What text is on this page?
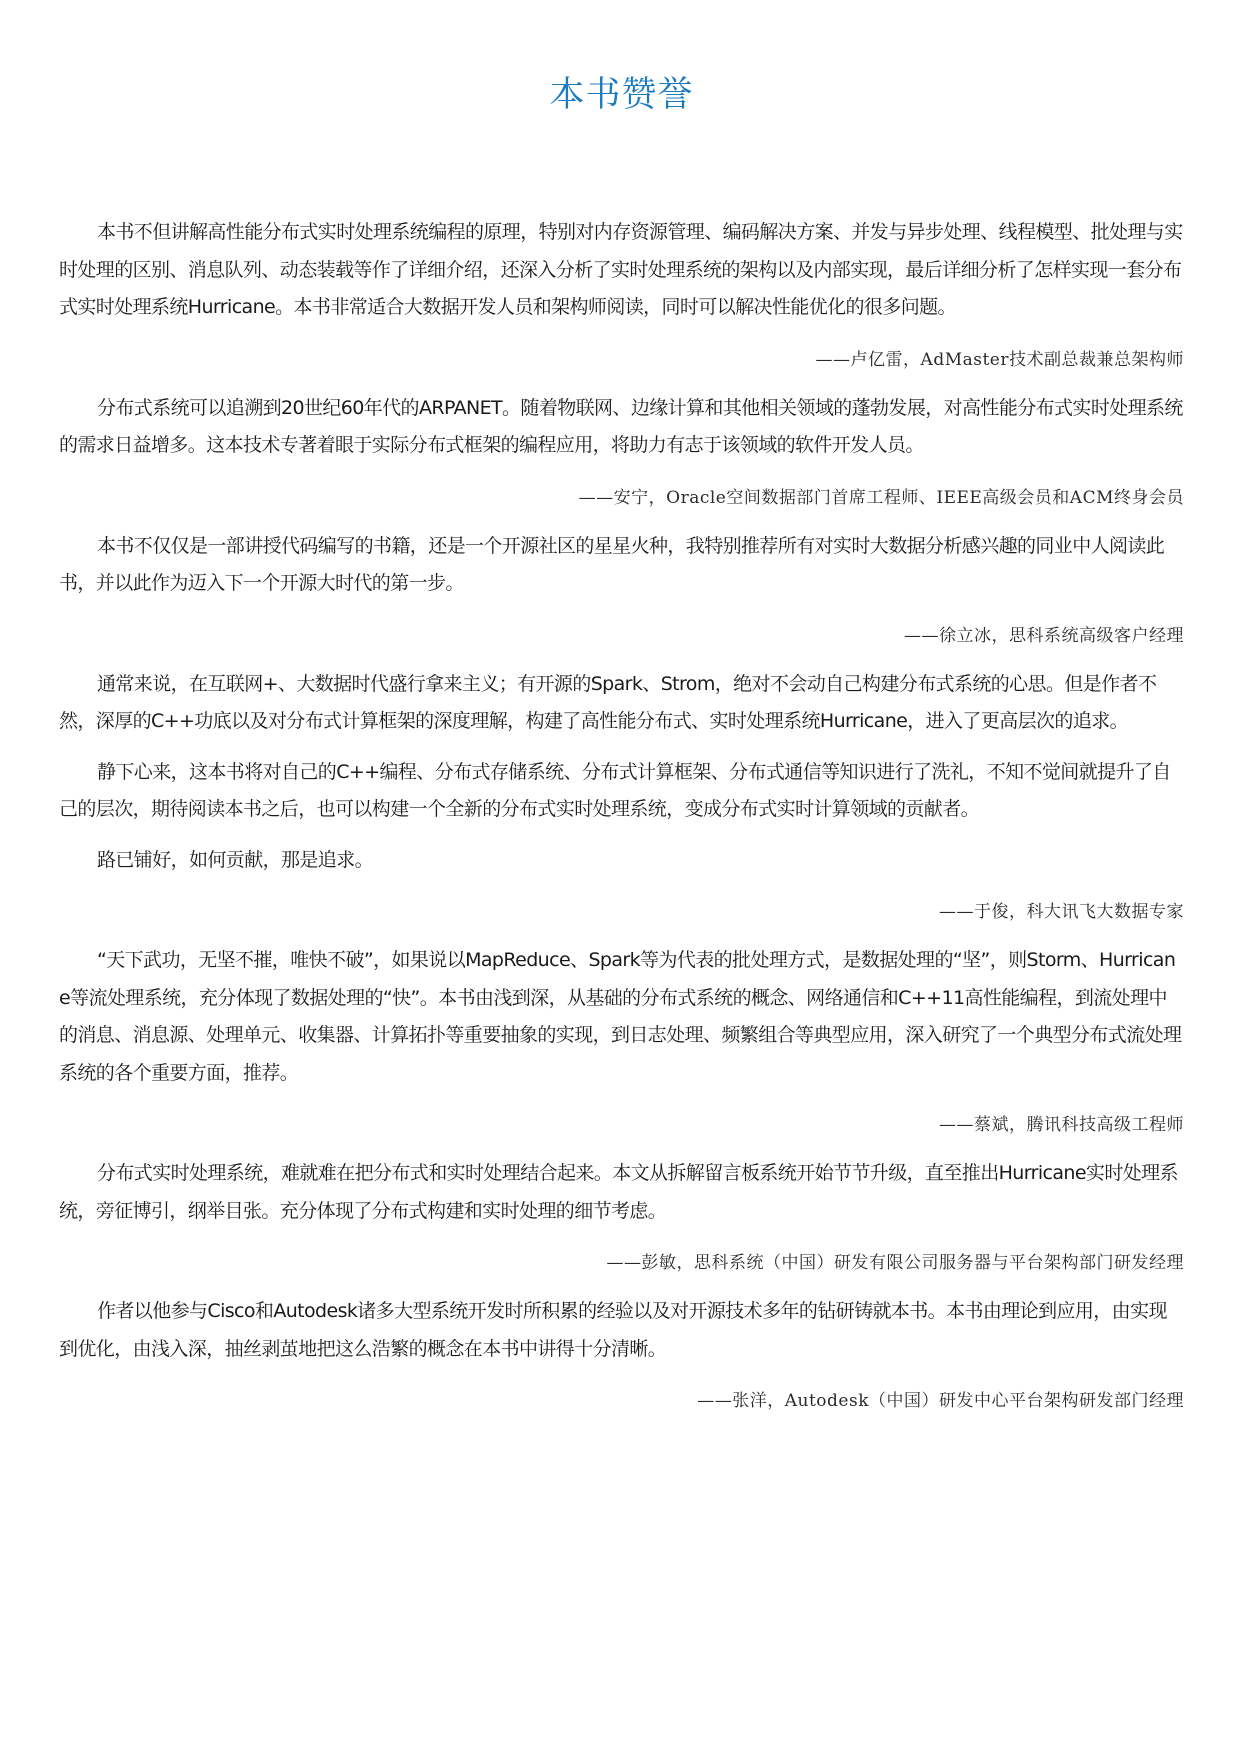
本书赞誉

本书不但讲解高性能分布式实时处理系统编程的原理，特别对内存资源管理、编码解决方案、并发与异步处理、线程模型、批处理与实时处理的区别、消息队列、动态装载等作了详细介绍，还深入分析了实时处理系统的架构以及内部实现，最后详细分析了怎样实现一套分布式实时处理系统Hurricane。本书非常适合大数据开发人员和架构师阅读，同时可以解决性能优化的很多问题。

——卢亿雷，AdMaster技术副总裁兼总架构师

分布式系统可以追溯到20世纪60年代的ARPANET。随着物联网、边缘计算和其他相关领域的蓬勃发展，对高性能分布式实时处理系统的需求日益增多。这本技术专著着眼于实际分布式框架的编程应用，将助力有志于该领域的软件开发人员。

——安宁，Oracle空间数据部门首席工程师、IEEE高级会员和ACM终身会员

本书不仅仅是一部讲授代码编写的书籍，还是一个开源社区的星星火种，我特别推荐所有对实时大数据分析感兴趣的同业中人阅读此书，并以此作为迈入下一个开源大时代的第一步。

——徐立冰，思科系统高级客户经理

通常来说，在互联网+、大数据时代盛行拿来主义；有开源的Spark、Strom，绝对不会动自己构建分布式系统的心思。但是作者不然，深厚的C++功底以及对分布式计算框架的深度理解，构建了高性能分布式、实时处理系统Hurricane，进入了更高层次的追求。

静下心来，这本书将对自己的C++编程、分布式存储系统、分布式计算框架、分布式通信等知识进行了洗礼，不知不觉间就提升了自己的层次，期待阅读本书之后，也可以构建一个全新的分布式实时处理系统，变成分布式实时计算领域的贡献者。

路已铺好，如何贡献，那是追求。

——于俊，科大讯飞大数据专家

“天下武功，无坚不摧，唯快不破”，如果说以MapReduce、Spark等为代表的批处理方式，是数据处理的“坚”，则Storm、Hurricane等流处理系统，充分体现了数据处理的“快”。本书由浅到深，从基础的分布式系统的概念、网络通信和C++11高性能编程，到流处理中的消息、消息源、处理单元、收集器、计算拓扑等重要抽象的实现，到日志处理、频繁组合等典型应用，深入研究了一个典型分布式流处理系统的各个重要方面，推荐。

——蔡斌，腾讯科技高级工程师

分布式实时处理系统，难就难在把分布式和实时处理结合起来。本文从拆解留言板系统开始节节升级，直至推出Hurricane实时处理系统，旁征博引，纲举目张。充分体现了分布式构建和实时处理的细节考虑。

——彭敏，思科系统（中国）研发有限公司服务器与平台架构部门研发经理

作者以他参与Cisco和Autodesk诸多大型系统开发时所积累的经验以及对开源技术多年的钻研铸就本书。本书由理论到应用，由实现到优化，由浅入深，抽丝剥茧地把这么浩繁的概念在本书中讲得十分清晰。

——张洋，Autodesk（中国）研发中心平台架构研发部门经理
